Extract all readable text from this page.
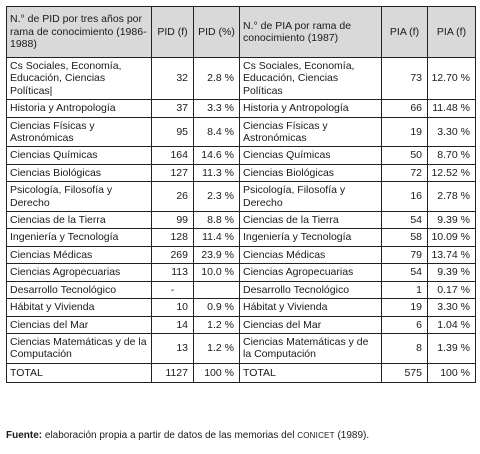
N.° de PID por tres años por rama de conocimiento (1986-1988)	PID (f)	PID (%)	N.° de PIA por rama de conocimiento (1987)	PIA (f)	PIA (f)
Cs Sociales, Economía, Educación, Ciencias Políticas|	32	2.8 %	Cs Sociales, Economía, Educación, Ciencias Políticas	73	12.70 %
Historia y Antropología	37	3.3 %	Historia y Antropología	66	11.48 %
Ciencias Físicas y Astronómicas	95	8.4 %	Ciencias Físicas y Astronómicas	19	3.30 %
Ciencias Químicas	164	14.6 %	Ciencias Químicas	50	8.70 %
Ciencias Biológicas	127	11.3 %	Ciencias Biológicas	72	12.52 %
Psicología, Filosofía y Derecho	26	2.3 %	Psicología, Filosofía y Derecho	16	2.78 %
Ciencias de la Tierra	99	8.8 %	Ciencias de la Tierra	54	9.39 %
Ingeniería y Tecnología	128	11.4 %	Ingeniería y Tecnología	58	10.09 %
Ciencias Médicas	269	23.9 %	Ciencias Médicas	79	13.74 %
Ciencias Agropecuarias	113	10.0 %	Ciencias Agropecuarias	54	9.39 %
Desarrollo Tecnológico	-		Desarrollo Tecnológico	1	0.17 %
Hábitat y Vivienda	10	0.9 %	Hábitat y Vivienda	19	3.30 %
Ciencias del Mar	14	1.2 %	Ciencias del Mar	6	1.04 %
Ciencias Matemáticas y de la Computación	13	1.2 %	Ciencias Matemáticas y de la Computación	8	1.39 %
TOTAL	1127	100 %	TOTAL	575	100 %
Fuente: elaboración propia a partir de datos de las memorias del CONICET (1989).
